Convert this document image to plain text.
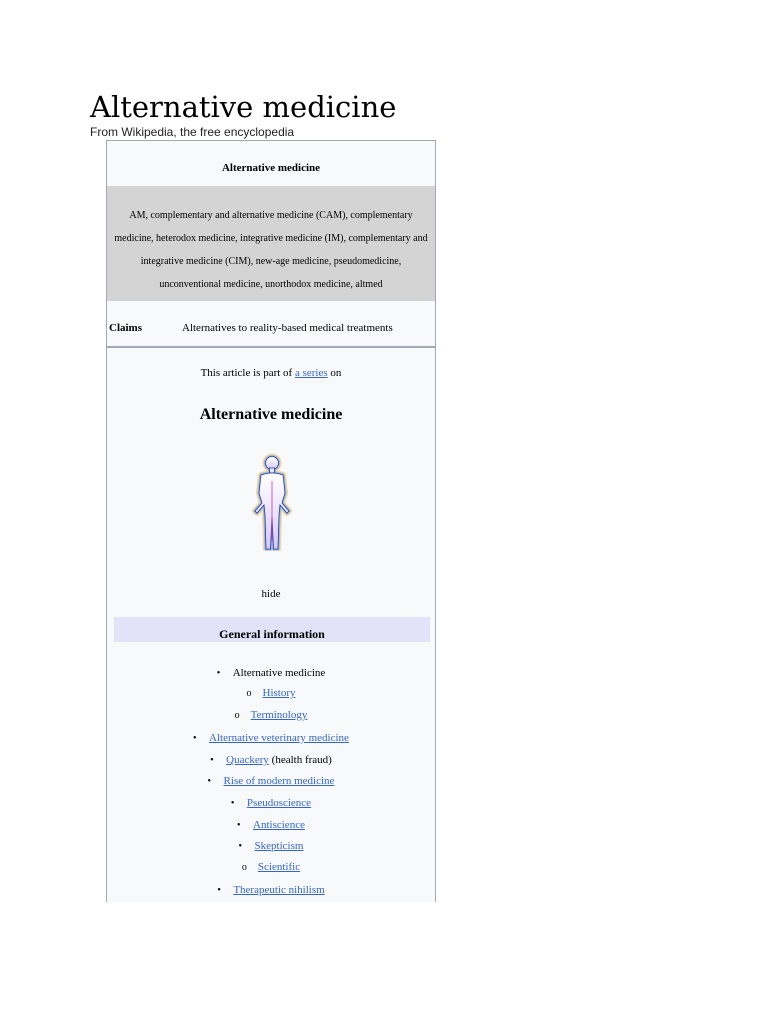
Alternative medicine
From Wikipedia, the free encyclopedia
Alternative medicine
AM, complementary and alternative medicine (CAM), complementary medicine, heterodox medicine, integrative medicine (IM), complementary and integrative medicine (CIM), new-age medicine, pseudomedicine, unconventional medicine, unorthodox medicine, altmed
Claims	Alternatives to reality-based medical treatments
This article is part of a series on
Alternative medicine
hide
General information
• Alternative medicine
o History
o Terminology
• Alternative veterinary medicine
• Quackery (health fraud)
• Rise of modern medicine
• Pseudoscience
• Antiscience
• Skepticism
o Scientific
• Therapeutic nihilism
